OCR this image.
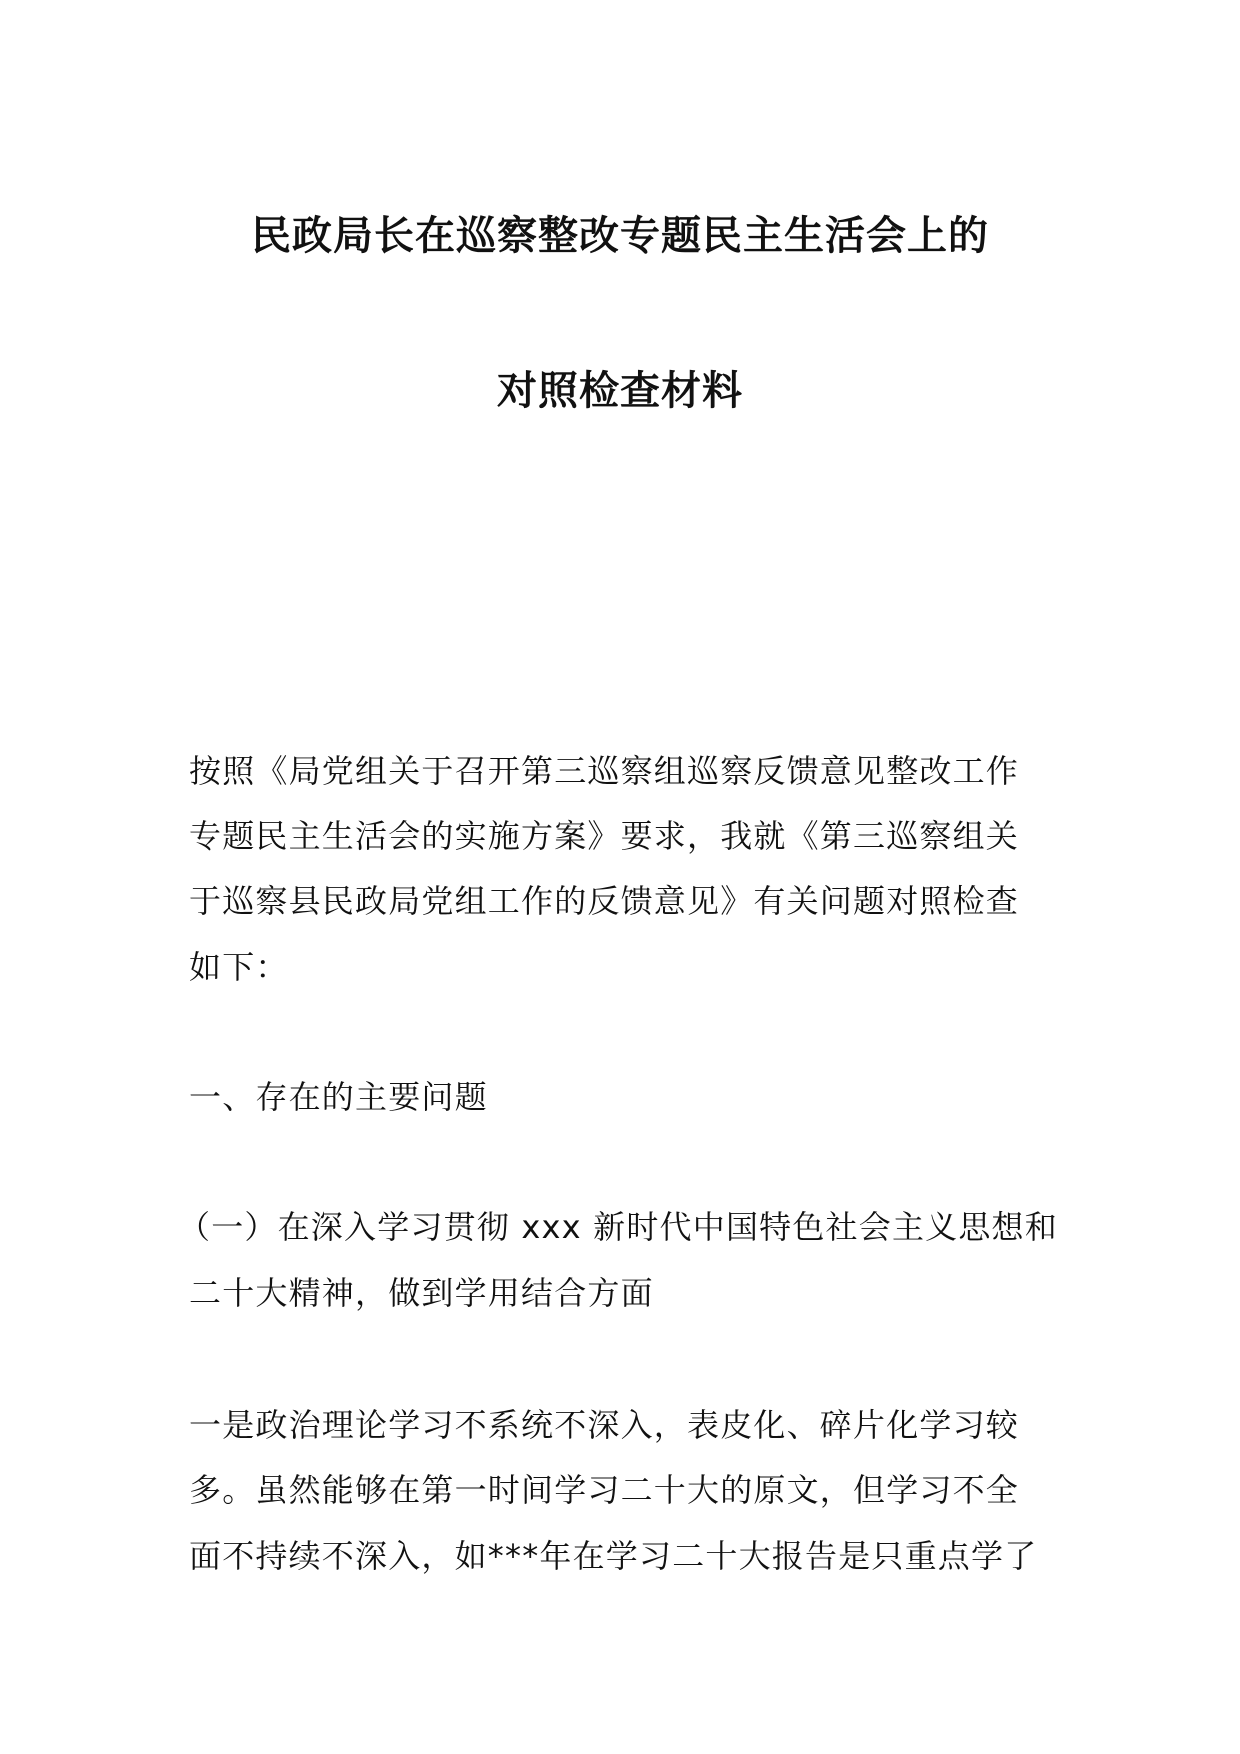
民政局长在巡察整改专题民主生活会上的
对照检查材料
按照《局党组关于召开第三巡察组巡察反馈意见整改工作
专题民主生活会的实施方案》要求，我就《第三巡察组关
于巡察县民政局党组工作的反馈意见》有关问题对照检查
如下：
一、存在的主要问题
（一）在深入学习贯彻 xxx 新时代中国特色社会主义思想和
二十大精神，做到学用结合方面
一是政治理论学习不系统不深入，表皮化、碎片化学习较
多。虽然能够在第一时间学习二十大的原文，但学习不全
面不持续不深入，如***年在学习二十大报告是只重点学了
